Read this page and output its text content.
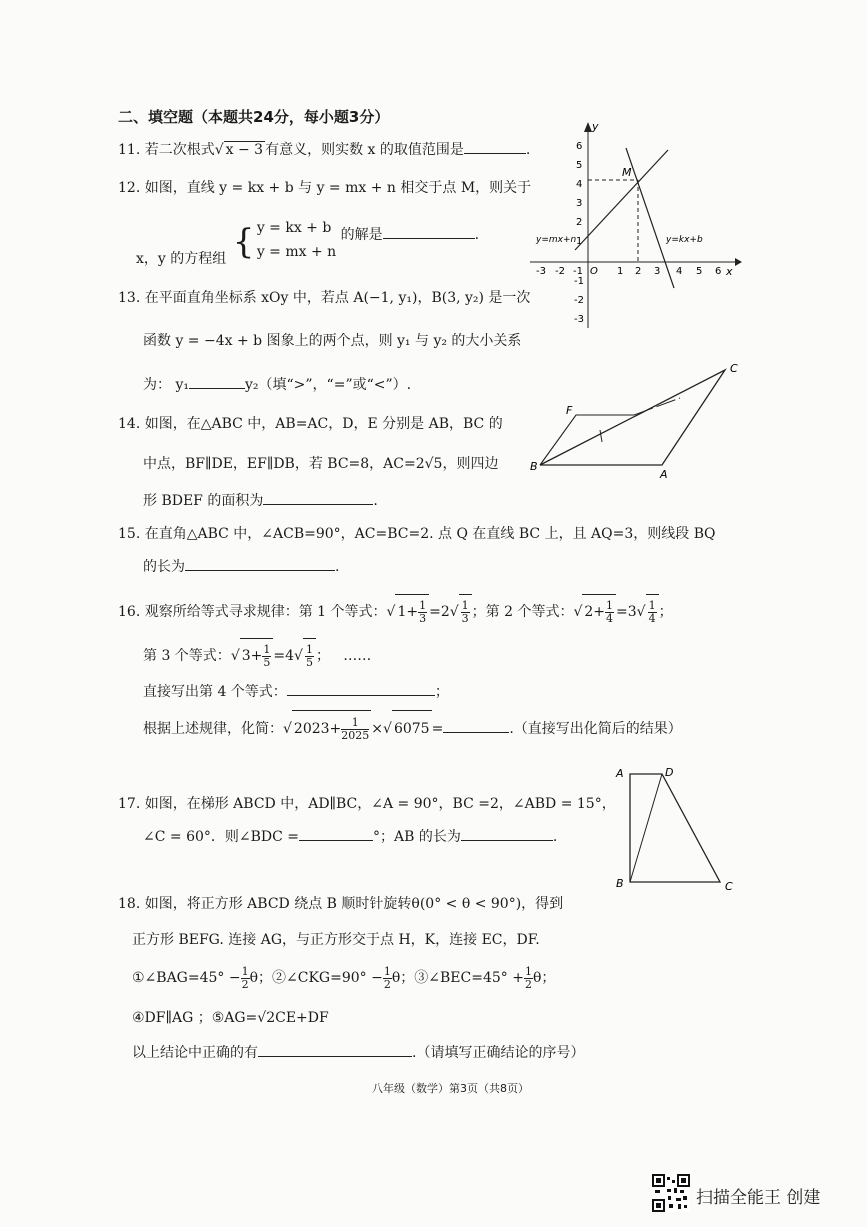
二、填空题（本题共24分，每小题3分）
11. 若二次根式√ x − 3 有意义，则实数 x 的取值范围是	.
12. 如图，直线 y = kx + b 与 y = mx + n 相交于点 M，则关于
x，y 的方程组 { y = kx + b
y = mx + n
的解是	.
y
x
O
-3 -2 -1	1 2 3 4 5 6
6
5
4
3
2
1
-1
-2
-3
M
y=mx+n	y=kx+b
13. 在平面直角坐标系 xOy 中，若点 A(−1, y₁)，B(3, y₂) 是一次
函数 y = −4x + b 图象上的两个点，则 y₁ 与 y₂ 的大小关系
为： y₁	y₂（填“>”，“=”或“<”）.
14. 如图，在△ABC 中，AB=AC，D，E 分别是 AB，BC 的
中点，BF∥DE，EF∥DB，若 BC=8，AC=2√5，则四边
形 BDEF 的面积为	.
F
C
B
A
15. 在直角△ABC 中，∠ACB=90°，AC=BC=2. 点 Q 在直线 BC 上，且 AQ=3，则线段 BQ
的长为	.
16. 观察所给等式寻求规律：第 1 个等式：√ $1+ \frac{1}{3} =2√ \frac{1}{3}$ ；第 2 个等式：√ $2+ \frac{1}{4} =3√ \frac{1}{4}$ ；
第 3 个等式：√ $3+ \frac{1}{5} =4√ \frac{1}{5}$ ；   ……
直接写出第 4 个等式：	；
根据上述规律，化简：√ $2023+ \frac{1}{2025}$ ×√ 6075 =	.（直接写出化简后的结果）
17. 如图，在梯形 ABCD 中，AD∥BC，∠A = 90°，BC =2，∠ABD = 15°，
∠C = 60°．则∠BDC =	°；AB 的长为	.
A	D
B	C
18. 如图，将正方形 ABCD 绕点 B 顺时针旋转θ(0° < θ < 90°)，得到
正方形 BEFG. 连接 AG，与正方形交于点 H，K，连接 EC，DF.
①∠BAG=45° − $\frac{1}{2}$ θ；②∠CKG=90° − $\frac{1}{2}$ θ；③∠BEC=45° + $\frac{1}{2}$ θ；
④DF∥AG ；⑤AG=√2CE+DF
以上结论中正确的有	.（请填写正确结论的序号）
八年级（数学）第3页（共8页）
扫描全能王 创建
